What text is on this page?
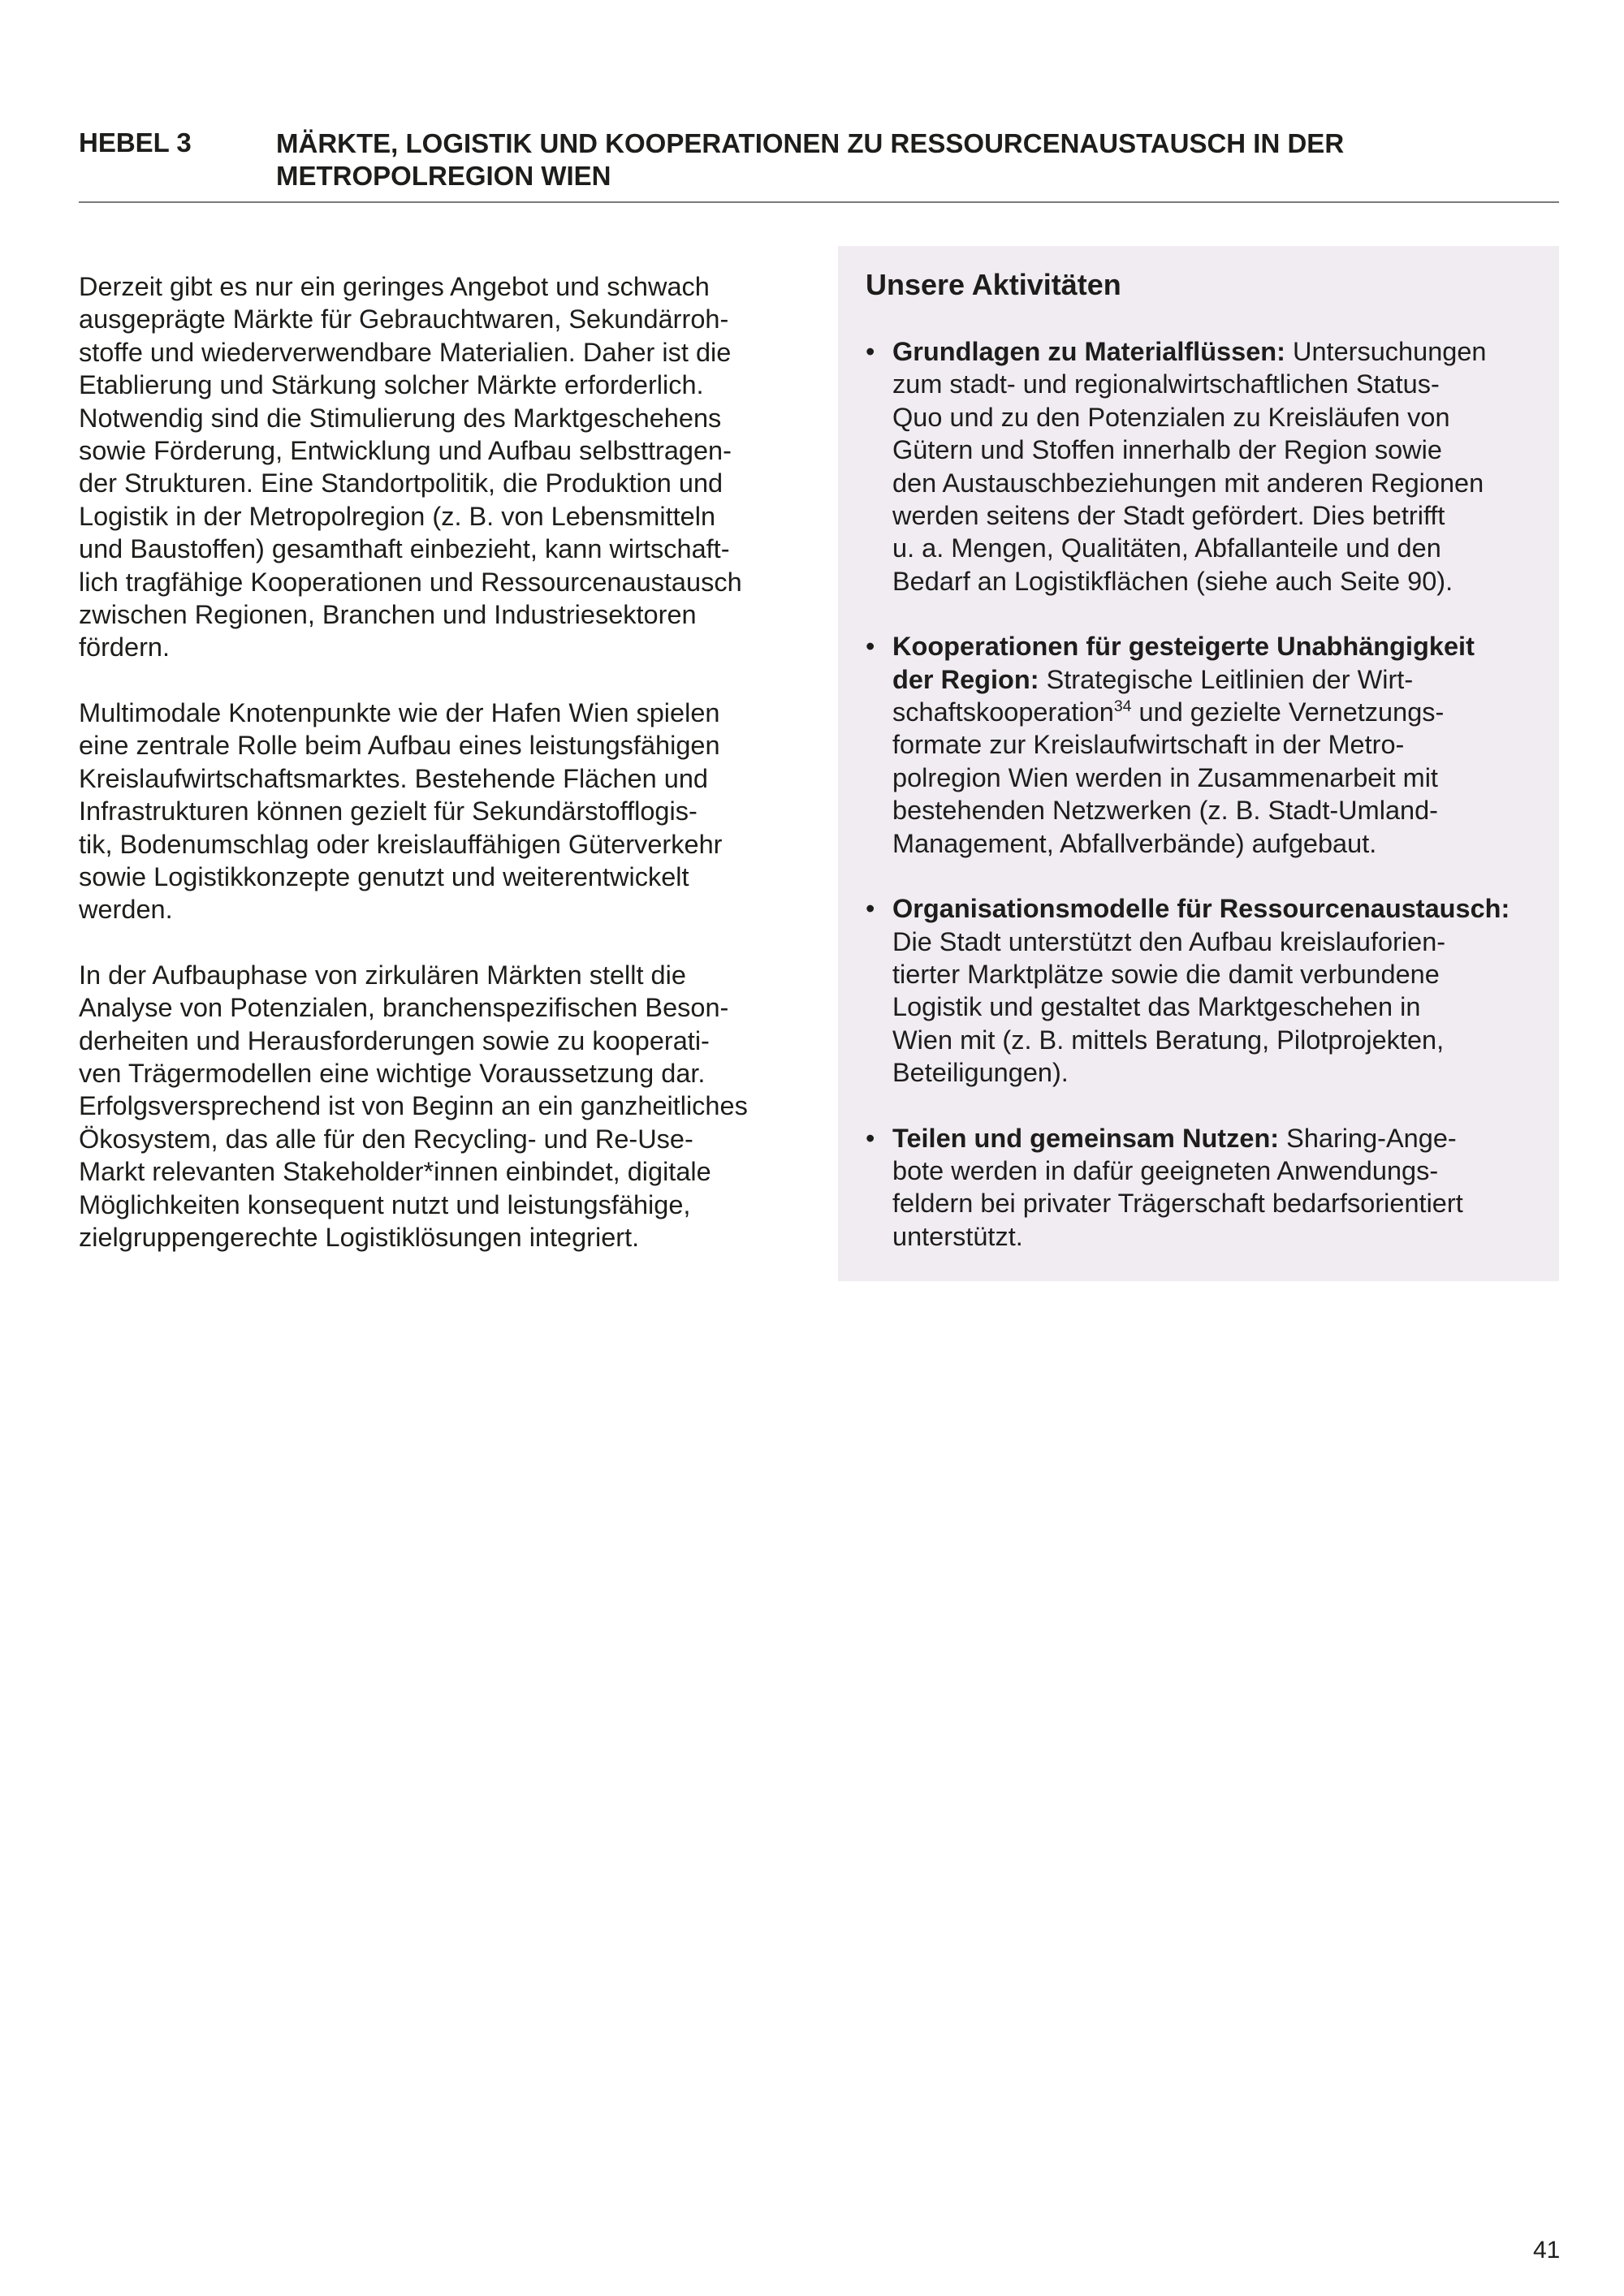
HEBEL 3	MÄRKTE, LOGISTIK UND KOOPERATIONEN ZU RESSOURCENAUSTAUSCH IN DER
METROPOLREGION WIEN

Derzeit gibt es nur ein geringes Angebot und schwach
ausgeprägte Märkte für Gebrauchtwaren, Sekundärroh-
stoffe und wiederverwendbare Materialien. Daher ist die
Etablierung und Stärkung solcher Märkte erforderlich.
Notwendig sind die Stimulierung des Marktgeschehens
sowie Förderung, Entwicklung und Aufbau selbsttragen-
der Strukturen. Eine Standortpolitik, die Produktion und
Logistik in der Metropolregion (z. B. von Lebensmitteln
und Baustoffen) gesamthaft einbezieht, kann wirtschaft-
lich tragfähige Kooperationen und Ressourcenaustausch
zwischen Regionen, Branchen und Industriesektoren
fördern.

Multimodale Knotenpunkte wie der Hafen Wien spielen
eine zentrale Rolle beim Aufbau eines leistungsfähigen
Kreislaufwirtschaftsmarktes. Bestehende Flächen und
Infrastrukturen können gezielt für Sekundärstofflogis-
tik, Bodenumschlag oder kreislauffähigen Güterverkehr
sowie Logistikkonzepte genutzt und weiterentwickelt
werden.

In der Aufbauphase von zirkulären Märkten stellt die
Analyse von Potenzialen, branchenspezifischen Beson-
derheiten und Herausforderungen sowie zu kooperati-
ven Trägermodellen eine wichtige Voraussetzung dar.
Erfolgsversprechend ist von Beginn an ein ganzheitliches
Ökosystem, das alle für den Recycling- und Re-Use-
Markt relevanten Stakeholder*innen einbindet, digitale
Möglichkeiten konsequent nutzt und leistungsfähige,
zielgruppengerechte Logistiklösungen integriert.

Unsere Aktivitäten
• Grundlagen zu Materialflüssen: Untersuchungen
zum stadt- und regionalwirtschaftlichen Status-
Quo und zu den Potenzialen zu Kreisläufen von
Gütern und Stoffen innerhalb der Region sowie
den Austauschbeziehungen mit anderen Regionen
werden seitens der Stadt gefördert. Dies betrifft
u. a. Mengen, Qualitäten, Abfallanteile und den
Bedarf an Logistikflächen (siehe auch Seite 90).
• Kooperationen für gesteigerte Unabhängigkeit
der Region: Strategische Leitlinien der Wirt-
schaftskooperation$^{34}$ und gezielte Vernetzungs-
formate zur Kreislaufwirtschaft in der Metro-
polregion Wien werden in Zusammenarbeit mit
bestehenden Netzwerken (z. B. Stadt-Umland-
Management, Abfallverbände) aufgebaut.
• Organisationsmodelle für Ressourcenaustausch:
Die Stadt unterstützt den Aufbau kreislauforien-
tierter Marktplätze sowie die damit verbundene
Logistik und gestaltet das Marktgeschehen in
Wien mit (z. B. mittels Beratung, Pilotprojekten,
Beteiligungen).
• Teilen und gemeinsam Nutzen: Sharing-Ange-
bote werden in dafür geeigneten Anwendungs-
feldern bei privater Trägerschaft bedarfsorientiert
unterstützt.
41
